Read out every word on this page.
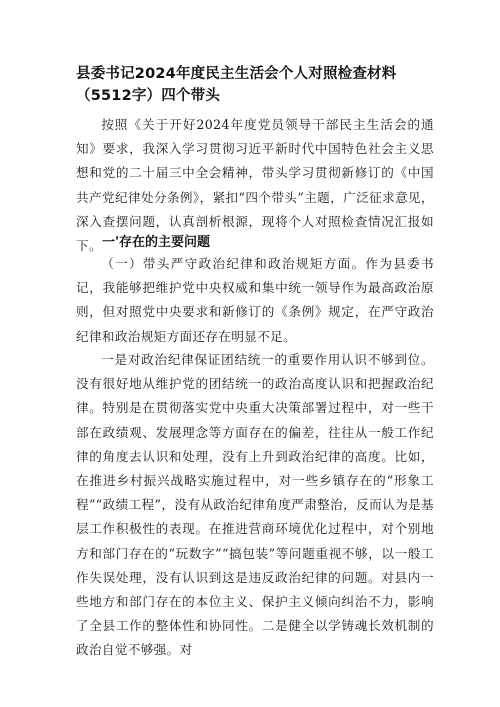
县委书记2024年度民主生活会个人对照检查材料（5512字）四个带头

按照《关于开好2024年度党员领导干部民主生活会的通知》要求，我深入学习贯彻习近平新时代中国特色社会主义思想和党的二十届三中全会精神，带头学习贯彻新修订的《中国共产党纪律处分条例》，紧扣“四个带头”主题，广泛征求意见，深入查摆问题，认真剖析根源，现将个人对照检查情况汇报如下。 一'存在的主要问题

（一）带头严守政治纪律和政治规矩方面。作为县委书记，我能够把维护党中央权威和集中统一领导作为最高政治原则，但对照党中央要求和新修订的《条例》规定，在严守政治纪律和政治规矩方面还存在明显不足。

一是对政治纪律保证团结统一的重要作用认识不够到位。没有很好地从维护党的团结统一的政治高度认识和把握政治纪律。特别是在贯彻落实党中央重大决策部署过程中，对一些干部在政绩观、发展理念等方面存在的偏差，往往从一般工作纪律的角度去认识和处理，没有上升到政治纪律的高度。比如，在推进乡村振兴战略实施过程中，对一些乡镇存在的“形象工程”“政绩工程”，没有从政治纪律角度严肃整治，反而认为是基层工作积极性的表现。在推进营商环境优化过程中，对个别地方和部门存在的“玩数字”“搞包装”等问题重视不够，以一般工作失误处理，没有认识到这是违反政治纪律的问题。对县内一些地方和部门存在的本位主义、保护主义倾向纠治不力，影响了全县工作的整体性和协同性。二是健全以学铸魂长效机制的政治自觉不够强。对
